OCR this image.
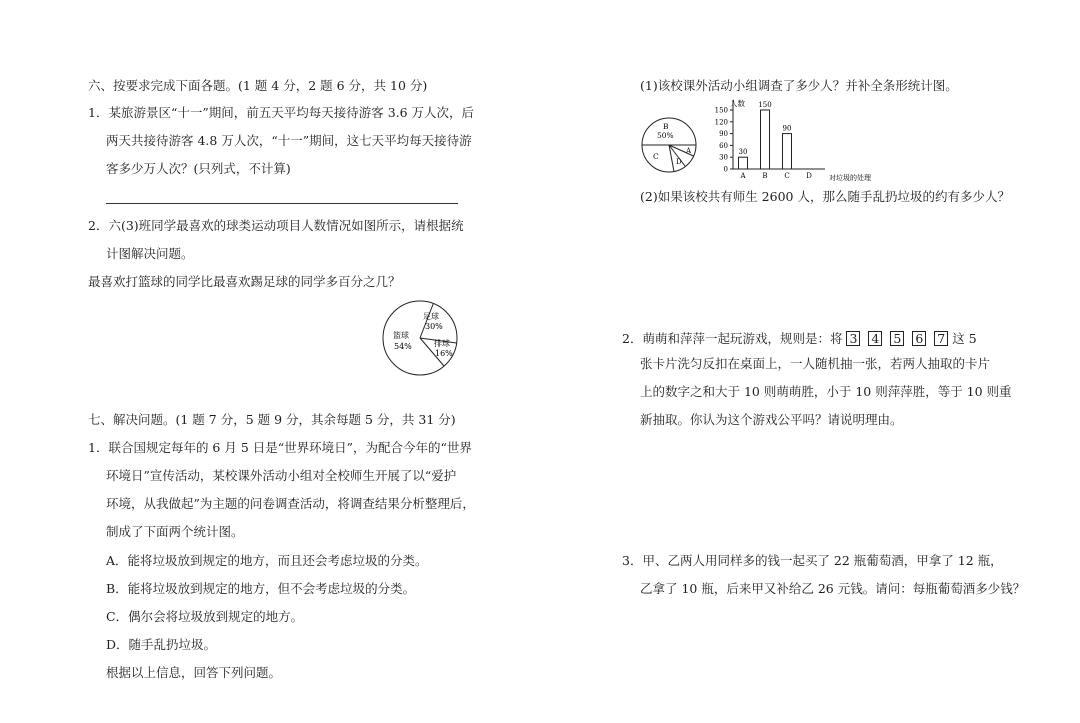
六、按要求完成下面各题。(1 题 4 分，2 题 6 分，共 10 分)
1．某旅游景区“十一”期间，前五天平均每天接待游客 3.6 万人次，后
两天共接待游客 4.8 万人次，“十一”期间，这七天平均每天接待游
客多少万人次？(只列式，不计算)
2．六(3)班同学最喜欢的球类运动项目人数情况如图所示，请根据统
计图解决问题。
最喜欢打篮球的同学比最喜欢踢足球的同学多百分之几？
足球
30%
篮球
54%	排球
16%
七、解决问题。(1 题 7 分，5 题 9 分，其余每题 5 分，共 31 分)
1．联合国规定每年的 6 月 5 日是“世界环境日”，为配合今年的“世界
环境日”宣传活动，某校课外活动小组对全校师生开展了以“爱护
环境，从我做起”为主题的问卷调查活动，将调查结果分析整理后，
制成了下面两个统计图。
A．能将垃圾放到规定的地方，而且还会考虑垃圾的分类。
B．能将垃圾放到规定的地方，但不会考虑垃圾的分类。
C．偶尔会将垃圾放到规定的地方。
D．随手乱扔垃圾。
根据以上信息，回答下列问题。
(1)该校课外活动小组调查了多少人？并补全条形统计图。
B
50%
C
A
D
人数
对垃圾的处理
0
30
60
90
120
150
30
A
150
B
90
C D
(2)如果该校共有师生 2600 人，那么随手乱扔垃圾的约有多少人？
2．萌萌和萍萍一起玩游戏，规则是：将 3 4 5 6 7 这 5
张卡片洗匀反扣在桌面上，一人随机抽一张，若两人抽取的卡片
上的数字之和大于 10 则萌萌胜，小于 10 则萍萍胜，等于 10 则重
新抽取。你认为这个游戏公平吗？请说明理由。
3．甲、乙两人用同样多的钱一起买了 22 瓶葡萄酒，甲拿了 12 瓶，
乙拿了 10 瓶，后来甲又补给乙 26 元钱。请问：每瓶葡萄酒多少钱？
